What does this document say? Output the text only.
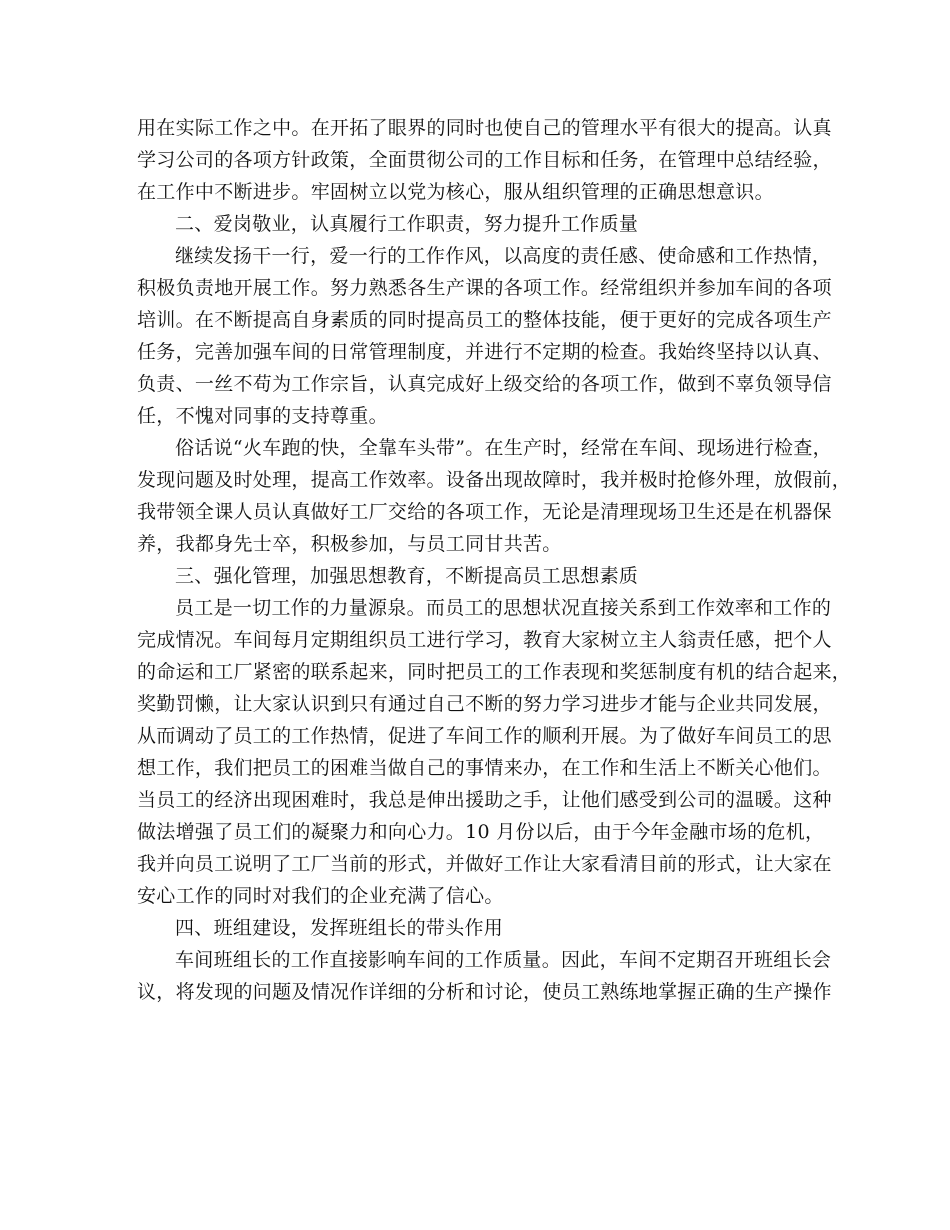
用在实际工作之中。在开拓了眼界的同时也使自己的管理水平有很大的提高。认真
学习公司的各项方针政策，全面贯彻公司的工作目标和任务，在管理中总结经验，
在工作中不断进步。牢固树立以党为核心，服从组织管理的正确思想意识。
二、爱岗敬业，认真履行工作职责，努力提升工作质量
继续发扬干一行，爱一行的工作作风，以高度的责任感、使命感和工作热情，
积极负责地开展工作。努力熟悉各生产课的各项工作。经常组织并参加车间的各项
培训。在不断提高自身素质的同时提高员工的整体技能，便于更好的完成各项生产
任务，完善加强车间的日常管理制度，并进行不定期的检查。我始终坚持以认真、
负责、一丝不苟为工作宗旨，认真完成好上级交给的各项工作，做到不辜负领导信
任，不愧对同事的支持尊重。
俗话说“火车跑的快，全靠车头带”。在生产时，经常在车间、现场进行检查，
发现问题及时处理，提高工作效率。设备出现故障时，我并极时抢修外理，放假前，
我带领全课人员认真做好工厂交给的各项工作，无论是清理现场卫生还是在机器保
养，我都身先士卒，积极参加，与员工同甘共苦。
三、强化管理，加强思想教育，不断提高员工思想素质
员工是一切工作的力量源泉。而员工的思想状况直接关系到工作效率和工作的
完成情况。车间每月定期组织员工进行学习，教育大家树立主人翁责任感，把个人
的命运和工厂紧密的联系起来，同时把员工的工作表现和奖惩制度有机的结合起来，
奖勤罚懒，让大家认识到只有通过自己不断的努力学习进步才能与企业共同发展，
从而调动了员工的工作热情，促进了车间工作的顺利开展。为了做好车间员工的思
想工作，我们把员工的困难当做自己的事情来办，在工作和生活上不断关心他们。
当员工的经济出现困难时，我总是伸出援助之手，让他们感受到公司的温暖。这种
做法增强了员工们的凝聚力和向心力。10 月份以后，由于今年金融市场的危机，
我并向员工说明了工厂当前的形式，并做好工作让大家看清目前的形式，让大家在
安心工作的同时对我们的企业充满了信心。
四、班组建设，发挥班组长的带头作用
车间班组长的工作直接影响车间的工作质量。因此，车间不定期召开班组长会
议，将发现的问题及情况作详细的分析和讨论，使员工熟练地掌握正确的生产操作
